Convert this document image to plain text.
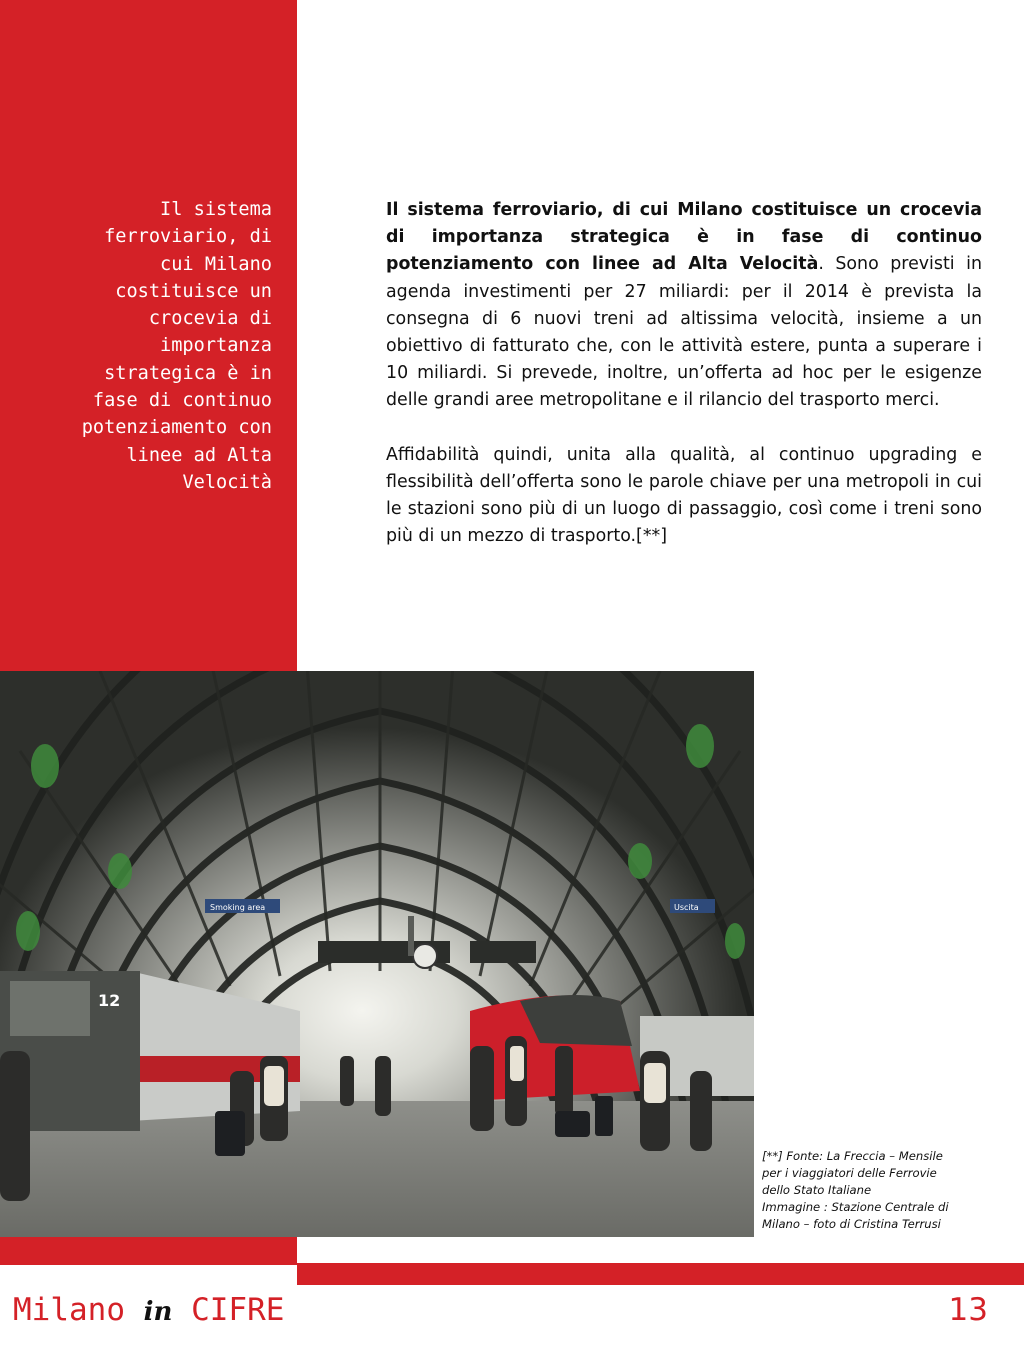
Il sistema
ferroviario, di
cui Milano
costituisce un
crocevia di
importanza
strategica è in
fase di continuo
potenziamento con
linee ad Alta
Velocità

Il sistema ferroviario, di cui Milano costituisce un crocevia di importanza strategica è in fase di continuo potenziamento con linee ad Alta Velocità. Sono previsti in agenda investimenti per 27 miliardi: per il 2014 è prevista la consegna di 6 nuovi treni ad altissima velocità, insieme a un obiettivo di fatturato che, con le attività estere, punta a superare i 10 miliardi. Si prevede, inoltre, un’offerta ad hoc per le esigenze delle grandi aree metropolitane e il rilancio del trasporto merci.

Affidabilità quindi, unita alla qualità, al continuo upgrading e flessibilità dell’offerta sono le parole chiave per una metropoli in cui le stazioni sono più di un luogo di passaggio, così come i treni sono più di un mezzo di trasporto.[**]

12
Smoking area	Uscita
[**] Fonte: La Freccia – Mensile
per i viaggiatori delle Ferrovie
dello Stato Italiane
Immagine : Stazione Centrale di
Milano – foto di Cristina Terrusi
Milano in CIFRE	13
